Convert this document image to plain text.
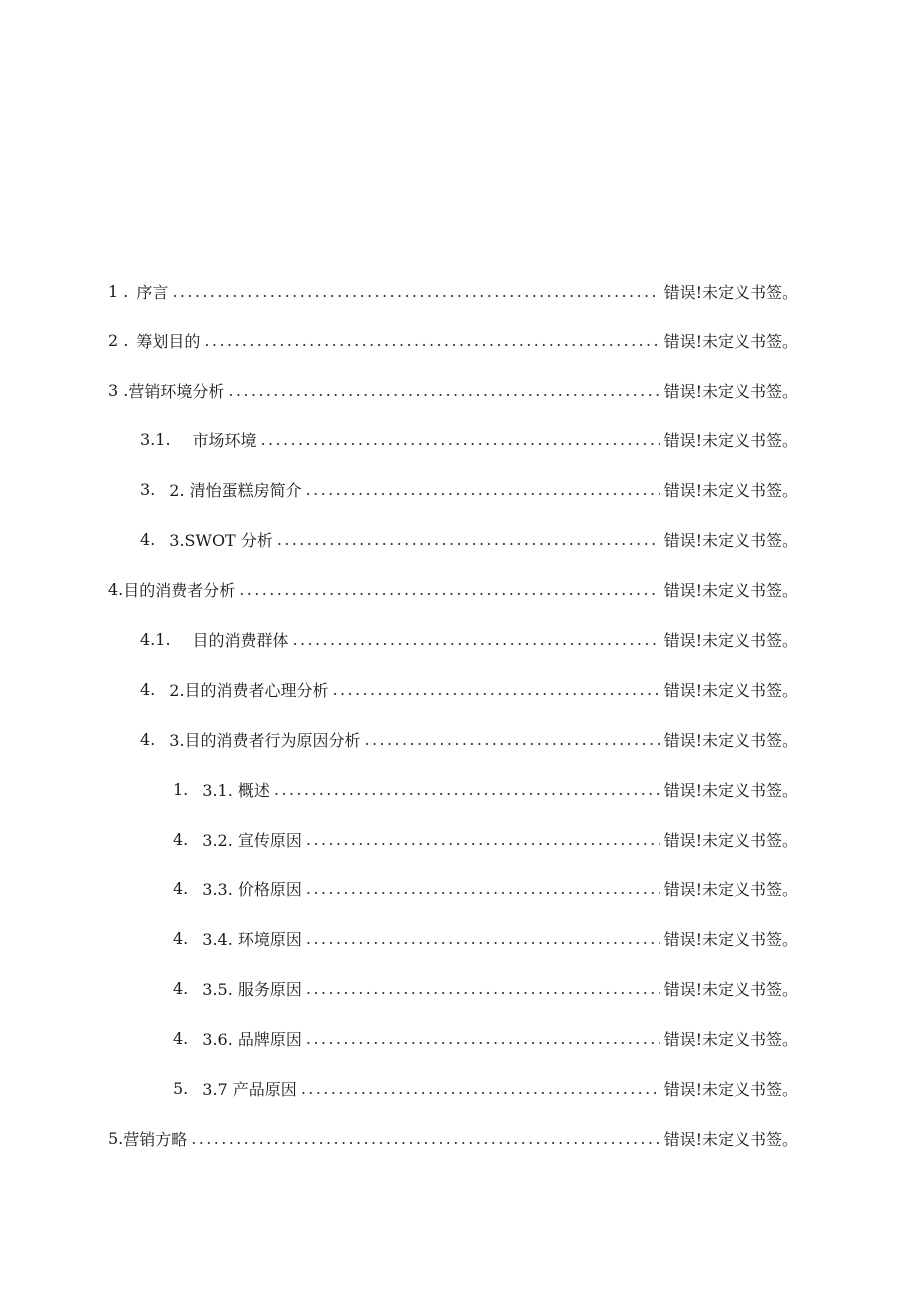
1 . 序言 .....	错误!未定义书签。
2 . 筹划目的 .....	错误!未定义书签。
3 . 营销环境分析 .....	错误!未定义书签。
3.1. 市场环境 .....	错误!未定义书签。
3. 2. 清怡蛋糕房简介 .....	错误!未定义书签。
4. 3.SWOT 分析 .....	错误!未定义书签。
4. 目的消费者分析 .....	错误!未定义书签。
4.1. 目的消费群体 .....	错误!未定义书签。
4. 2.目的消费者心理分析 .....	错误!未定义书签。
4. 3.目的消费者行为原因分析 .....	错误!未定义书签。
1. 3.1. 概述 .....	错误!未定义书签。
4. 3.2. 宣传原因 .....	错误!未定义书签。
4. 3.3. 价格原因 .....	错误!未定义书签。
4. 3.4. 环境原因 .....	错误!未定义书签。
4. 3.5. 服务原因 .....	错误!未定义书签。
4. 3.6. 品牌原因 .....	错误!未定义书签。
5. 3.7 产品原因 .....	错误!未定义书签。
5. 营销方略 .....	错误!未定义书签。
